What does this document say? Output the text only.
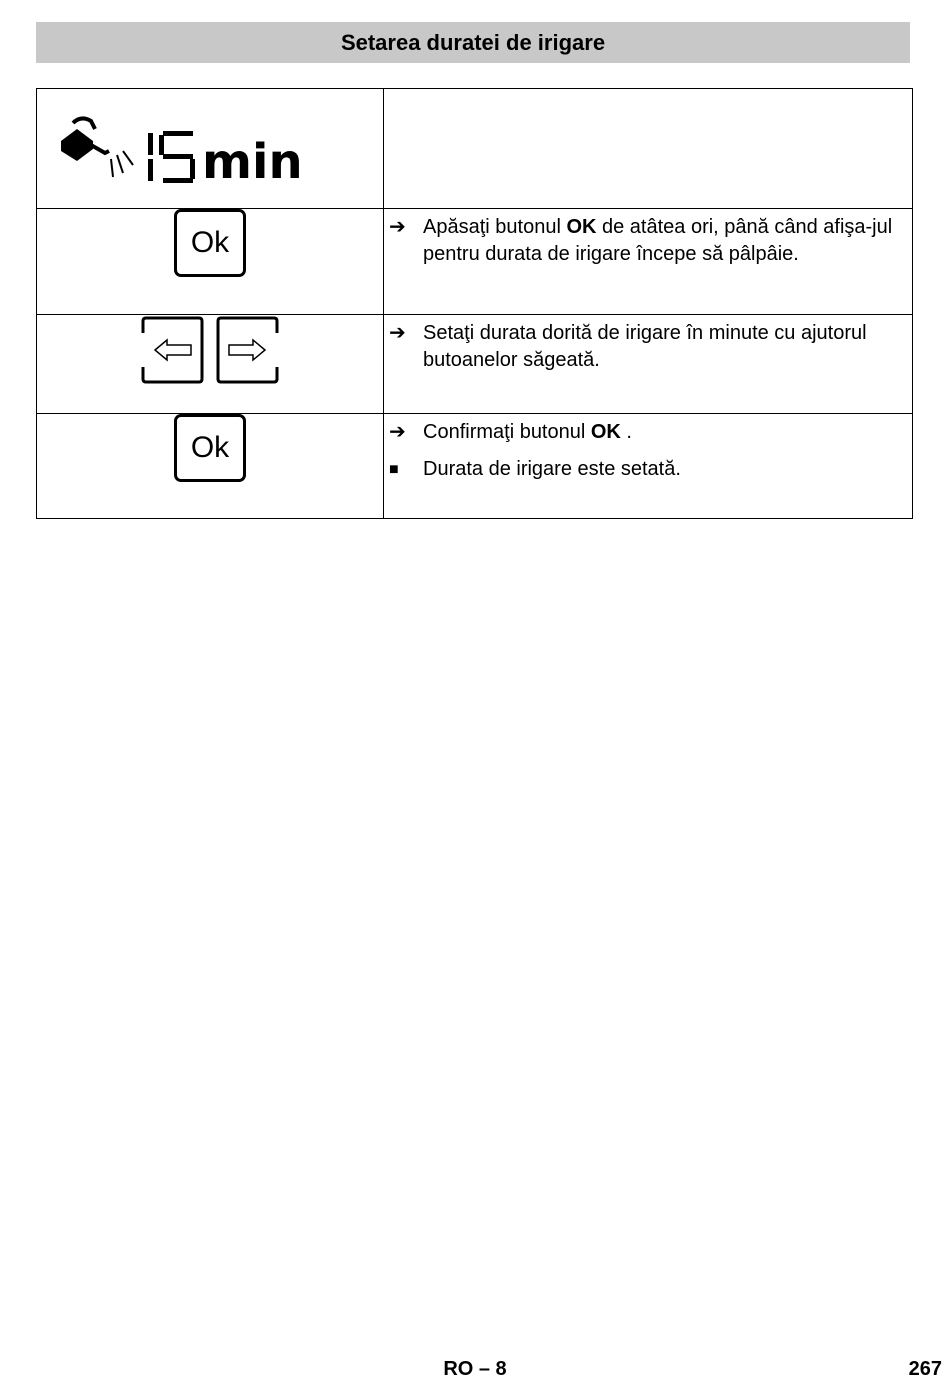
Setarea duratei de irigare
min	

Ok	➔ Apăsaţi butonul OK de atâtea ori, până când afişa-jul pentru durata de irigare începe să pâlpâie.

➔ Setaţi durata dorită de irigare în minute cu ajutorul butoanelor săgeată.

Ok	➔ Confirmaţi butonul OK .
■ Durata de irigare este setată.
RO – 8	267
